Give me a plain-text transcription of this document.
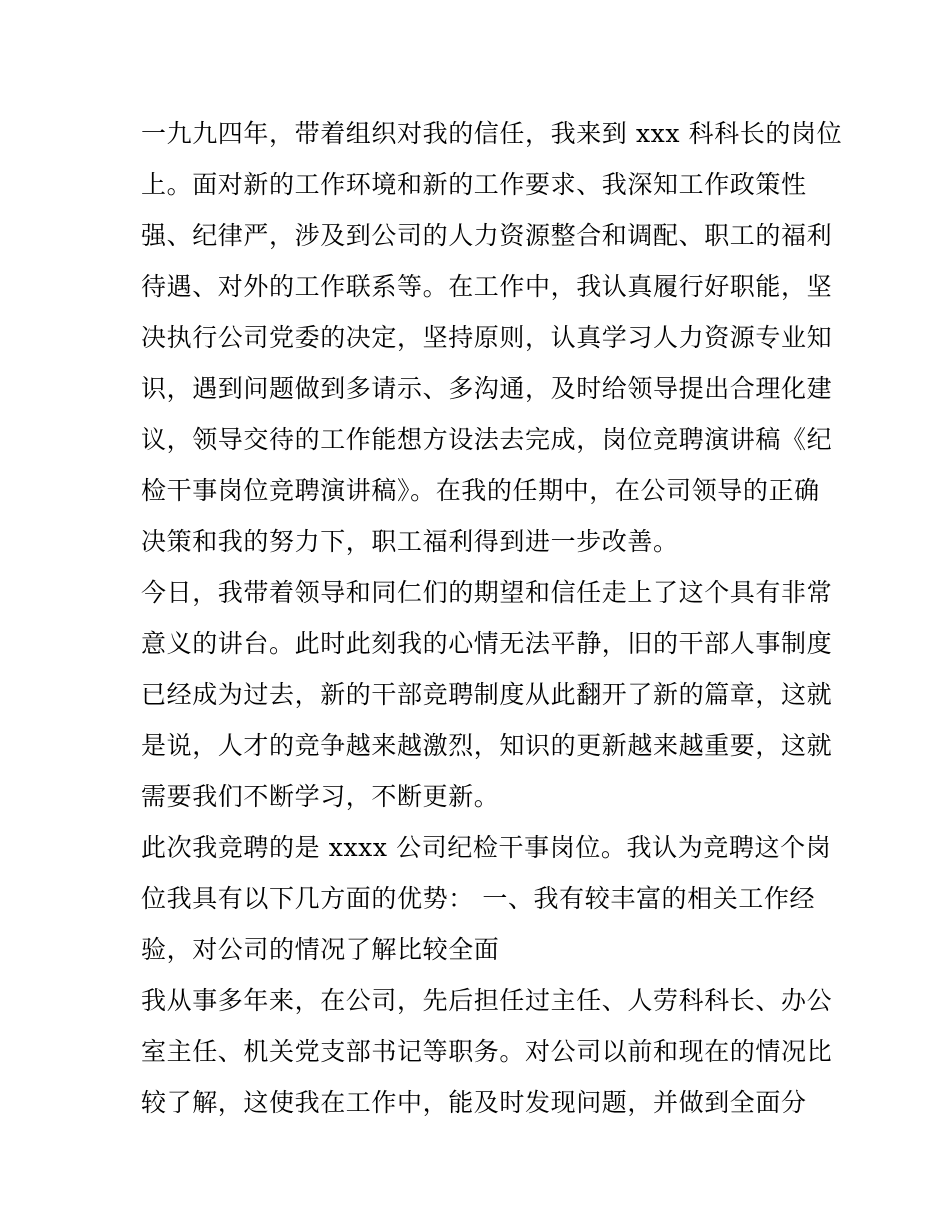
一九九四年，带着组织对我的信任，我来到 xxx 科科长的岗位
上。面对新的工作环境和新的工作要求、我深知工作政策性
强、纪律严，涉及到公司的人力资源整合和调配、职工的福利
待遇、对外的工作联系等。在工作中，我认真履行好职能，坚
决执行公司党委的决定，坚持原则，认真学习人力资源专业知
识，遇到问题做到多请示、多沟通，及时给领导提出合理化建
议，领导交待的工作能想方设法去完成，岗位竞聘演讲稿《纪
检干事岗位竞聘演讲稿》。在我的任期中，在公司领导的正确
决策和我的努力下，职工福利得到进一步改善。
今日，我带着领导和同仁们的期望和信任走上了这个具有非常
意义的讲台。此时此刻我的心情无法平静，旧的干部人事制度
已经成为过去，新的干部竞聘制度从此翻开了新的篇章，这就
是说，人才的竞争越来越激烈，知识的更新越来越重要，这就
需要我们不断学习，不断更新。
此次我竞聘的是 xxxx 公司纪检干事岗位。我认为竞聘这个岗
位我具有以下几方面的优势： 一、我有较丰富的相关工作经
验，对公司的情况了解比较全面
我从事多年来，在公司，先后担任过主任、人劳科科长、办公
室主任、机关党支部书记等职务。对公司以前和现在的情况比
较了解，这使我在工作中，能及时发现问题，并做到全面分
